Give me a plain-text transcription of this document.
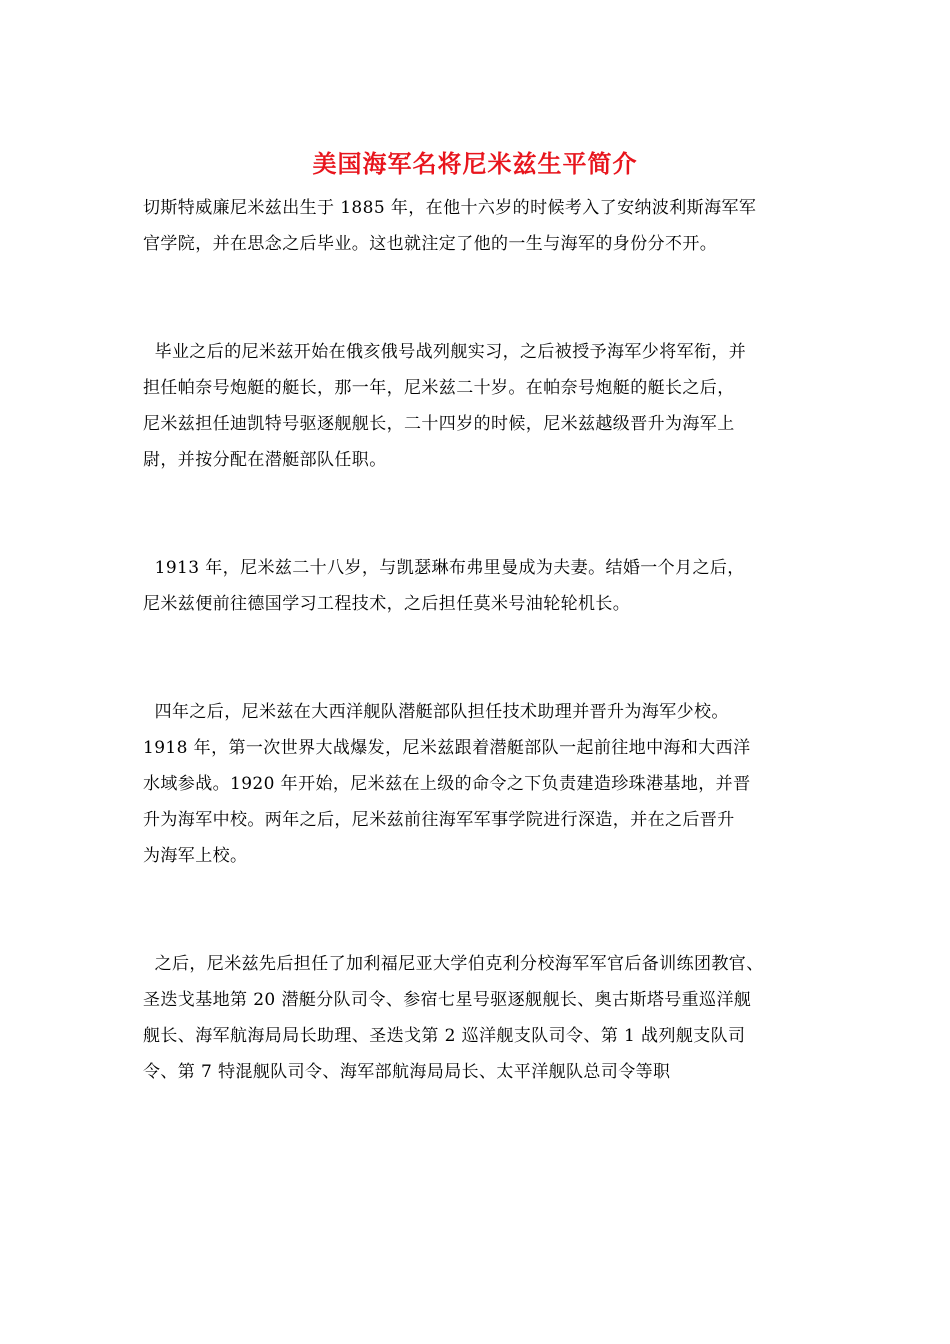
美国海军名将尼米兹生平简介
切斯特威廉尼米兹出生于 1885 年，在他十六岁的时候考入了安纳波利斯海军军
官学院，并在思念之后毕业。这也就注定了他的一生与海军的身份分不开。
毕业之后的尼米兹开始在俄亥俄号战列舰实习，之后被授予海军少将军衔，并
担任帕奈号炮艇的艇长，那一年，尼米兹二十岁。在帕奈号炮艇的艇长之后，
尼米兹担任迪凯特号驱逐舰舰长，二十四岁的时候，尼米兹越级晋升为海军上
尉，并按分配在潜艇部队任职。
1913 年，尼米兹二十八岁，与凯瑟琳布弗里曼成为夫妻。结婚一个月之后，
尼米兹便前往德国学习工程技术，之后担任莫米号油轮轮机长。
四年之后，尼米兹在大西洋舰队潜艇部队担任技术助理并晋升为海军少校。
1918 年，第一次世界大战爆发，尼米兹跟着潜艇部队一起前往地中海和大西洋
水域参战。1920 年开始，尼米兹在上级的命令之下负责建造珍珠港基地，并晋
升为海军中校。两年之后，尼米兹前往海军军事学院进行深造，并在之后晋升
为海军上校。
之后，尼米兹先后担任了加利福尼亚大学伯克利分校海军军官后备训练团教官、
圣迭戈基地第 20 潜艇分队司令、参宿七星号驱逐舰舰长、奥古斯塔号重巡洋舰
舰长、海军航海局局长助理、圣迭戈第 2 巡洋舰支队司令、第 1 战列舰支队司
令、第 7 特混舰队司令、海军部航海局局长、太平洋舰队总司令等职
